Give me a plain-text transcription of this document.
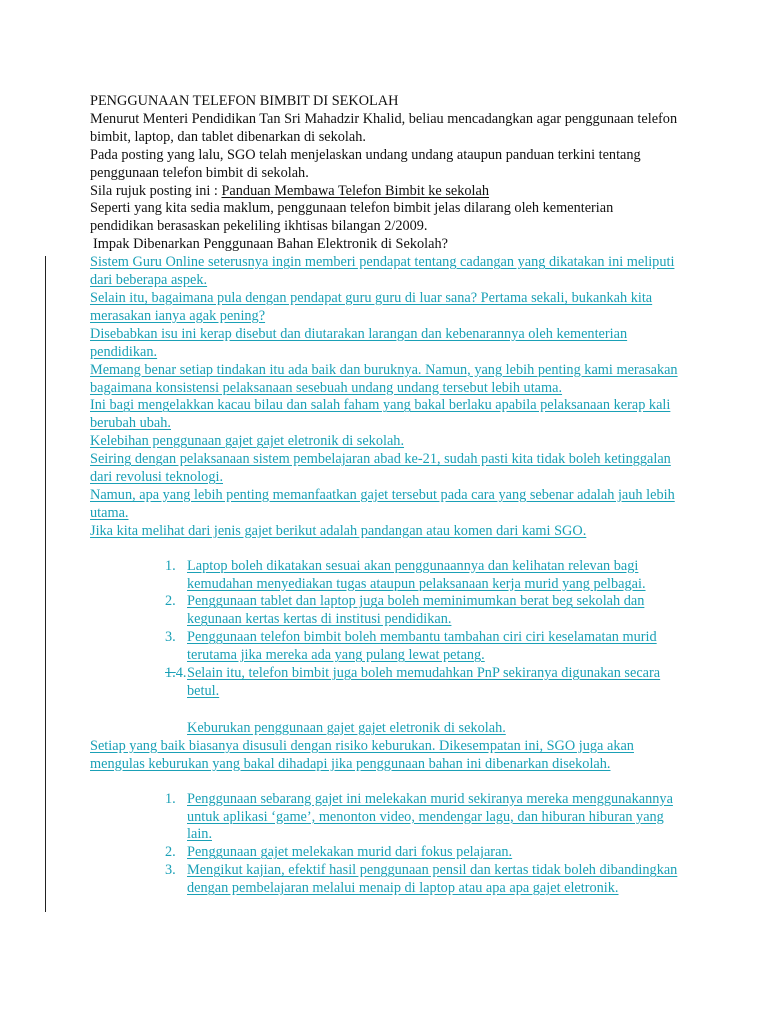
PENGGUNAAN TELEFON BIMBIT DI SEKOLAH

Menurut Menteri Pendidikan Tan Sri Mahadzir Khalid, beliau mencadangkan agar penggunaan telefon bimbit, laptop, dan tablet dibenarkan di sekolah.

Pada posting yang lalu, SGO telah menjelaskan undang undang ataupun panduan terkini tentang penggunaan telefon bimbit di sekolah.

Sila rujuk posting ini : Panduan Membawa Telefon Bimbit ke sekolah

Seperti yang kita sedia maklum, penggunaan telefon bimbit jelas dilarang oleh kementerian pendidikan berasaskan pekeliling ikhtisas bilangan 2/2009.

Impak Dibenarkan Penggunaan Bahan Elektronik di Sekolah?

Sistem Guru Online seterusnya ingin memberi pendapat tentang cadangan yang dikatakan ini meliputi dari beberapa aspek.

Selain itu, bagaimana pula dengan pendapat guru guru di luar sana? Pertama sekali, bukankah kita merasakan ianya agak pening?

Disebabkan isu ini kerap disebut dan diutarakan larangan dan kebenarannya oleh kementerian pendidikan.

Memang benar setiap tindakan itu ada baik dan buruknya. Namun, yang lebih penting kami merasakan bagaimana konsistensi pelaksanaan sesebuah undang undang tersebut lebih utama.

Ini bagi mengelakkan kacau bilau dan salah faham yang bakal berlaku apabila pelaksanaan kerap kali berubah ubah.

Kelebihan penggunaan gajet gajet eletronik di sekolah.

Seiring dengan pelaksanaan sistem pembelajaran abad ke-21, sudah pasti kita tidak boleh ketinggalan dari revolusi teknologi.

Namun, apa yang lebih penting memanfaatkan gajet tersebut pada cara yang sebenar adalah jauh lebih utama.

Jika kita melihat dari jenis gajet berikut adalah pandangan atau komen dari kami SGO.

1. Laptop boleh dikatakan sesuai akan penggunaannya dan kelihatan relevan bagi kemudahan menyediakan tugas ataupun pelaksanaan kerja murid yang pelbagai.
2. Penggunaan tablet dan laptop juga boleh meminimumkan berat beg sekolah dan kegunaan kertas kertas di institusi pendidikan.
3. Penggunaan telefon bimbit boleh membantu tambahan ciri ciri keselamatan murid terutama jika mereka ada yang pulang lewat petang.
1.4. Selain itu, telefon bimbit juga boleh memudahkan PnP sekiranya digunakan secara betul.

Keburukan penggunaan gajet gajet eletronik di sekolah.

Setiap yang baik biasanya disusuli dengan risiko keburukan. Dikesempatan ini, SGO juga akan mengulas keburukan yang bakal dihadapi jika penggunaan bahan ini dibenarkan disekolah.

1. Penggunaan sebarang gajet ini melekakan murid sekiranya mereka menggunakannya untuk aplikasi ‘game’, menonton video, mendengar lagu, dan hiburan hiburan yang lain.
2. Penggunaan gajet melekakan murid dari fokus pelajaran.
3. Mengikut kajian, efektif hasil penggunaan pensil dan kertas tidak boleh dibandingkan dengan pembelajaran melalui menaip di laptop atau apa apa gajet eletronik.
